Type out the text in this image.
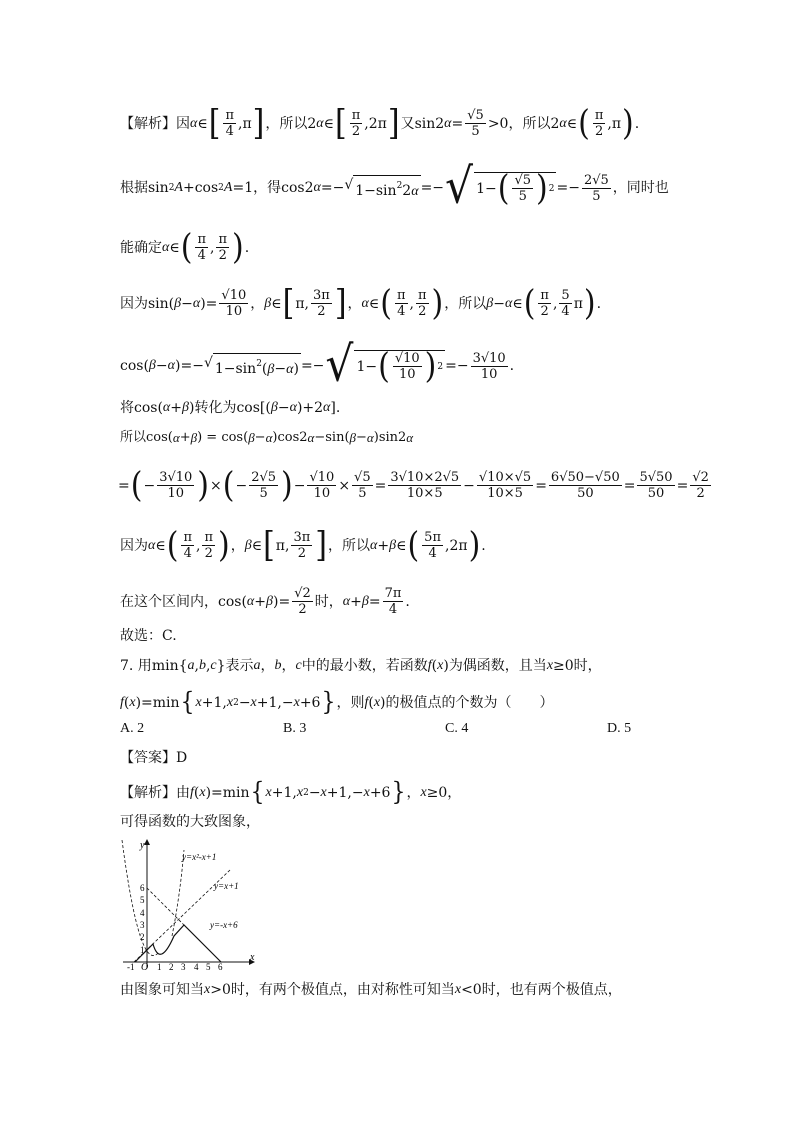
【解析】因 α ∈ [ $\frac{\pi}{4} ,\pi$ ] ，所以 2 α ∈ [ $\frac{\pi}{2} ,2\pi$ ] 又 sin2 $\alpha = \frac{√5}{5} >0$ ，所以 2 α ∈ ( $\frac{\pi}{2} ,\pi$ ) .
根据 sin 2 A +cos 2 A =1 ，得 cos2 α =− √ $1-\sin^22\alpha$ =− √ 1− ( $\frac{√5}{5}$ ) $2 =- \frac{2√5}{5}$ ，同时也
能确定 α ∈ ( $\frac{\pi}{4}$ , $\frac{\pi}{2}$ ) .
因为 sin( β − α )= $\frac{√10}{10}$ ， β ∈ [ π, $\frac{3\pi}{2}$ ] ， α ∈ ( $\frac{\pi}{4}$ , $\frac{\pi}{2}$ ) ，所以 β − α ∈ ( $\frac{\pi}{2}$ , $\frac{5}{4}$ π ) .
cos( β − α )=− √ $1-\sin^2(\beta-\alpha)$ =− √ 1− ( $\frac{√10}{10}$ ) $2 =- \frac{3√10}{10}$ .
将 cos( α + β ) 转化为 cos[( β − α )+2 α ].
所以 cos( α + β ) = cos( β − α )cos2 α −sin( β − α )sin2 α
= ( − $\frac{3√10}{10}$ ) × ( − $\frac{2√5}{5}$ ) − $\frac{√10}{10} \times \frac{√5}{5} = \frac{3√10\times 2√5}{10\times 5} - \frac{√10\times√5}{10\times 5} = \frac{6√50-√50}{50} = \frac{5√50}{50} = \frac{√2}{2}$
因为 α ∈ ( $\frac{\pi}{4}$ , $\frac{\pi}{2}$ ) ， β ∈ [ π, $\frac{3\pi}{2}$ ] ，所以 α + β ∈ ( $\frac{5\pi}{4} ,2\pi$ ) .
在这个区间内， cos( α + β )= $\frac{√2}{2}$ 时， $\alpha + \beta = \frac{7\pi}{4}$ .
故选：C.
7. 用 min{ a , b , c } 表示 a ， b ， c 中的最小数，若函数 f ( x ) 为偶函数，且当 x ≥0 时，
f ( x )=min { x +1, x 2 − x +1,− x +6 } ，则 f ( x ) 的极值点的个数为（　　）
A. 2	B. 3	C. 4	D. 5
【答案】D
【解析】由 f ( x )=min { x +1, x 2 − x +1,− x +6 } ， x ≥0，
可得函数的大致图象，
y
x
O
-1	1 2 3 4 5 6
1
2
3
4
5
6
y=x²-x+1
y=x+1
y=-x+6
由图象可知当 x >0 时，有两个极值点，由对称性可知当 x <0 时，也有两个极值点，
